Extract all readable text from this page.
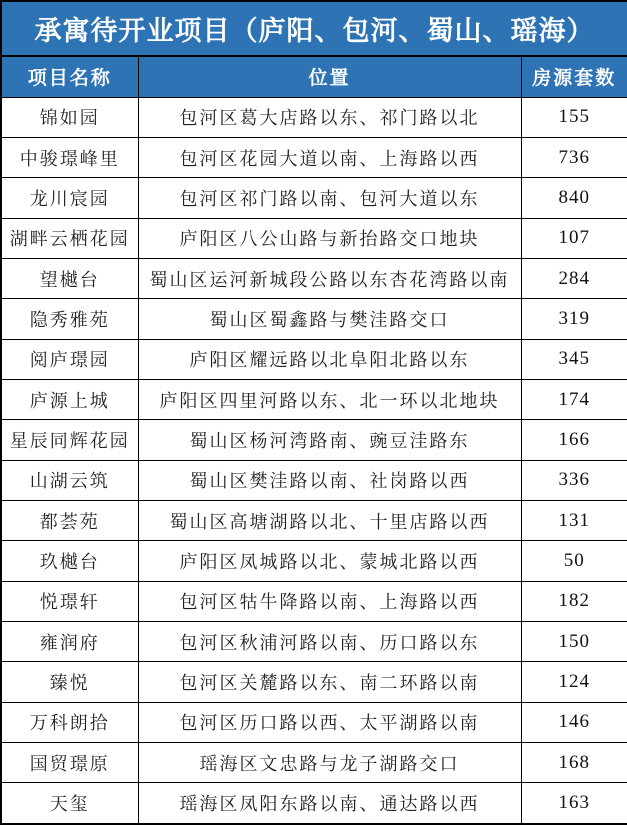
承寓待开业项目（庐阳、包河、蜀山、瑶海）		
项目名称	位置	房源套数
锦如园	包河区葛大店路以东、祁门路以北	155
中骏璟峰里	包河区花园大道以南、上海路以西	736
龙川宸园	包河区祁门路以南、包河大道以东	840
湖畔云栖花园	庐阳区八公山路与新抬路交口地块	107
望樾台	蜀山区运河新城段公路以东杏花湾路以南	284
隐秀雅苑	蜀山区蜀鑫路与樊洼路交口	319
阅庐璟园	庐阳区耀远路以北阜阳北路以东	345
庐源上城	庐阳区四里河路以东、北一环以北地块	174
星辰同辉花园	蜀山区杨河湾路南、豌豆洼路东	166
山湖云筑	蜀山区樊洼路以南、社岗路以西	336
都荟苑	蜀山区高塘湖路以北、十里店路以西	131
玖樾台	庐阳区凤城路以北、蒙城北路以西	50
悦璟轩	包河区牯牛降路以南、上海路以西	182
雍润府	包河区秋浦河路以南、历口路以东	150
臻悦	包河区关麓路以东、南二环路以南	124
万科朗拾	包河区历口路以西、太平湖路以南	146
国贸璟原	瑶海区文忠路与龙子湖路交口	168
天玺	瑶海区凤阳东路以南、通达路以西	163
